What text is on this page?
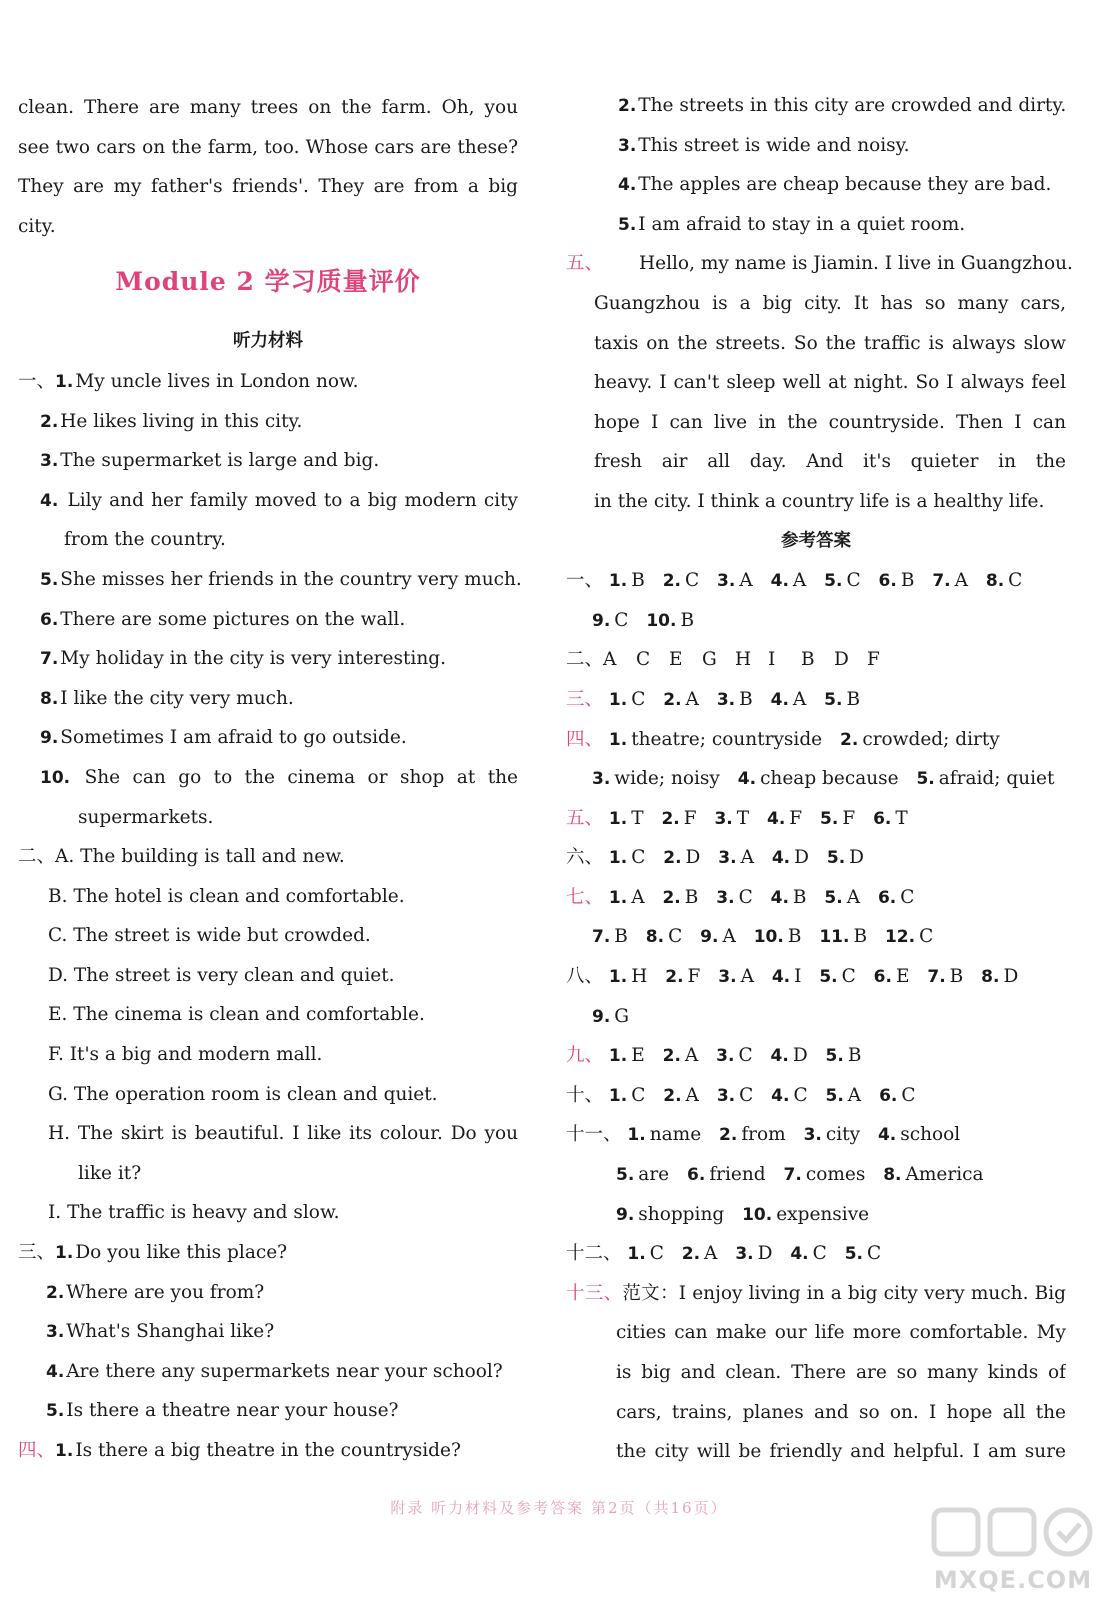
clean. There are many trees on the farm. Oh, you
see two cars on the farm, too. Whose cars are these?
They are my father's friends'. They are from a big
city.
Module 2 学习质量评价
听力材料
一、1. My uncle lives in London now.
2. He likes living in this city.
3. The supermarket is large and big.
4. Lily and her family moved to a big modern city
from the country.
5. She misses her friends in the country very much.
6. There are some pictures on the wall.
7. My holiday in the city is very interesting.
8. I like the city very much.
9. Sometimes I am afraid to go outside.
10. She can go to the cinema or shop at the
supermarkets.
二、A. The building is tall and new.
B. The hotel is clean and comfortable.
C. The street is wide but crowded.
D. The street is very clean and quiet.
E. The cinema is clean and comfortable.
F. It's a big and modern mall.
G. The operation room is clean and quiet.
H. The skirt is beautiful. I like its colour. Do you
like it?
I. The traffic is heavy and slow.
三、1. Do you like this place?
2. Where are you from?
3. What's Shanghai like?
4. Are there any supermarkets near your school?
5. Is there a theatre near your house?
四、1. Is there a big theatre in the countryside?
2. The streets in this city are crowded and dirty.
3. This street is wide and noisy.
4. The apples are cheap because they are bad.
5. I am afraid to stay in a quiet room.
五、 Hello, my name is Jiamin. I live in Guangzhou.
Guangzhou is a big city. It has so many cars,
taxis on the streets. So the traffic is always slow
heavy. I can't sleep well at night. So I always feel
hope I can live in the countryside. Then I can
fresh air all day. And it's quieter in the
in the city. I think a country life is a healthy life.
参考答案
一、 1. B 2. C 3. A 4. A 5. C 6. B 7. A 8. C
9. C 10. B
二、A C E G H I B D F
三、 1. C 2. A 3. B 4. A 5. B
四、 1. theatre; countryside 2. crowded; dirty
3. wide; noisy 4. cheap because 5. afraid; quiet
五、 1. T 2. F 3. T 4. F 5. F 6. T
六、 1. C 2. D 3. A 4. D 5. D
七、 1. A 2. B 3. C 4. B 5. A 6. C
7. B 8. C 9. A 10. B 11. B 12. C
八、 1. H 2. F 3. A 4. I 5. C 6. E 7. B 8. D
9. G
九、 1. E 2. A 3. C 4. D 5. B
十、 1. C 2. A 3. C 4. C 5. A 6. C
十一、 1. name 2. from 3. city 4. school
5. are 6. friend 7. comes 8. America
9. shopping 10. expensive
十二、 1. C 2. A 3. D 4. C 5. C
十三、范文：I enjoy living in a big city very much. Big
cities can make our life more comfortable. My
is big and clean. There are so many kinds of
cars, trains, planes and so on. I hope all the
the city will be friendly and helpful. I am sure
附录 听力材料及参考答案 第2页（共16页）
MXQE.COM
